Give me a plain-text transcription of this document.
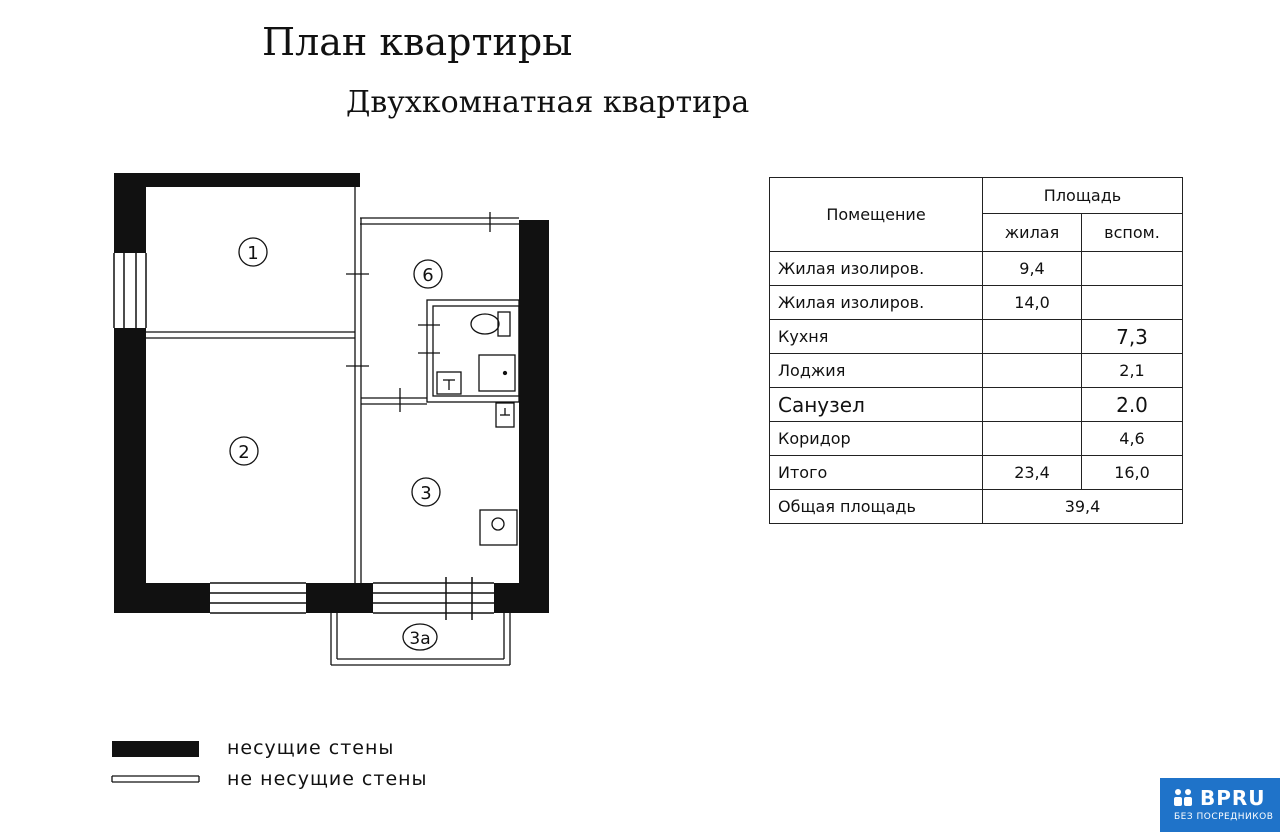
План квартиры
Двухкомнатная квартира
1
2
3
6
3а
Помещение	Площадь	
	жилая	вспом.
Жилая изолиров.	9,4	
Жилая изолиров.	14,0	
Кухня		7,3
Лоджия		2,1
Санузел		2.0
Коридор		4,6
Итого	23,4	16,0
Общая площадь	39,4	
несущие стены
не несущие стены
BPRU
БЕЗ ПОСРЕДНИКОВ
